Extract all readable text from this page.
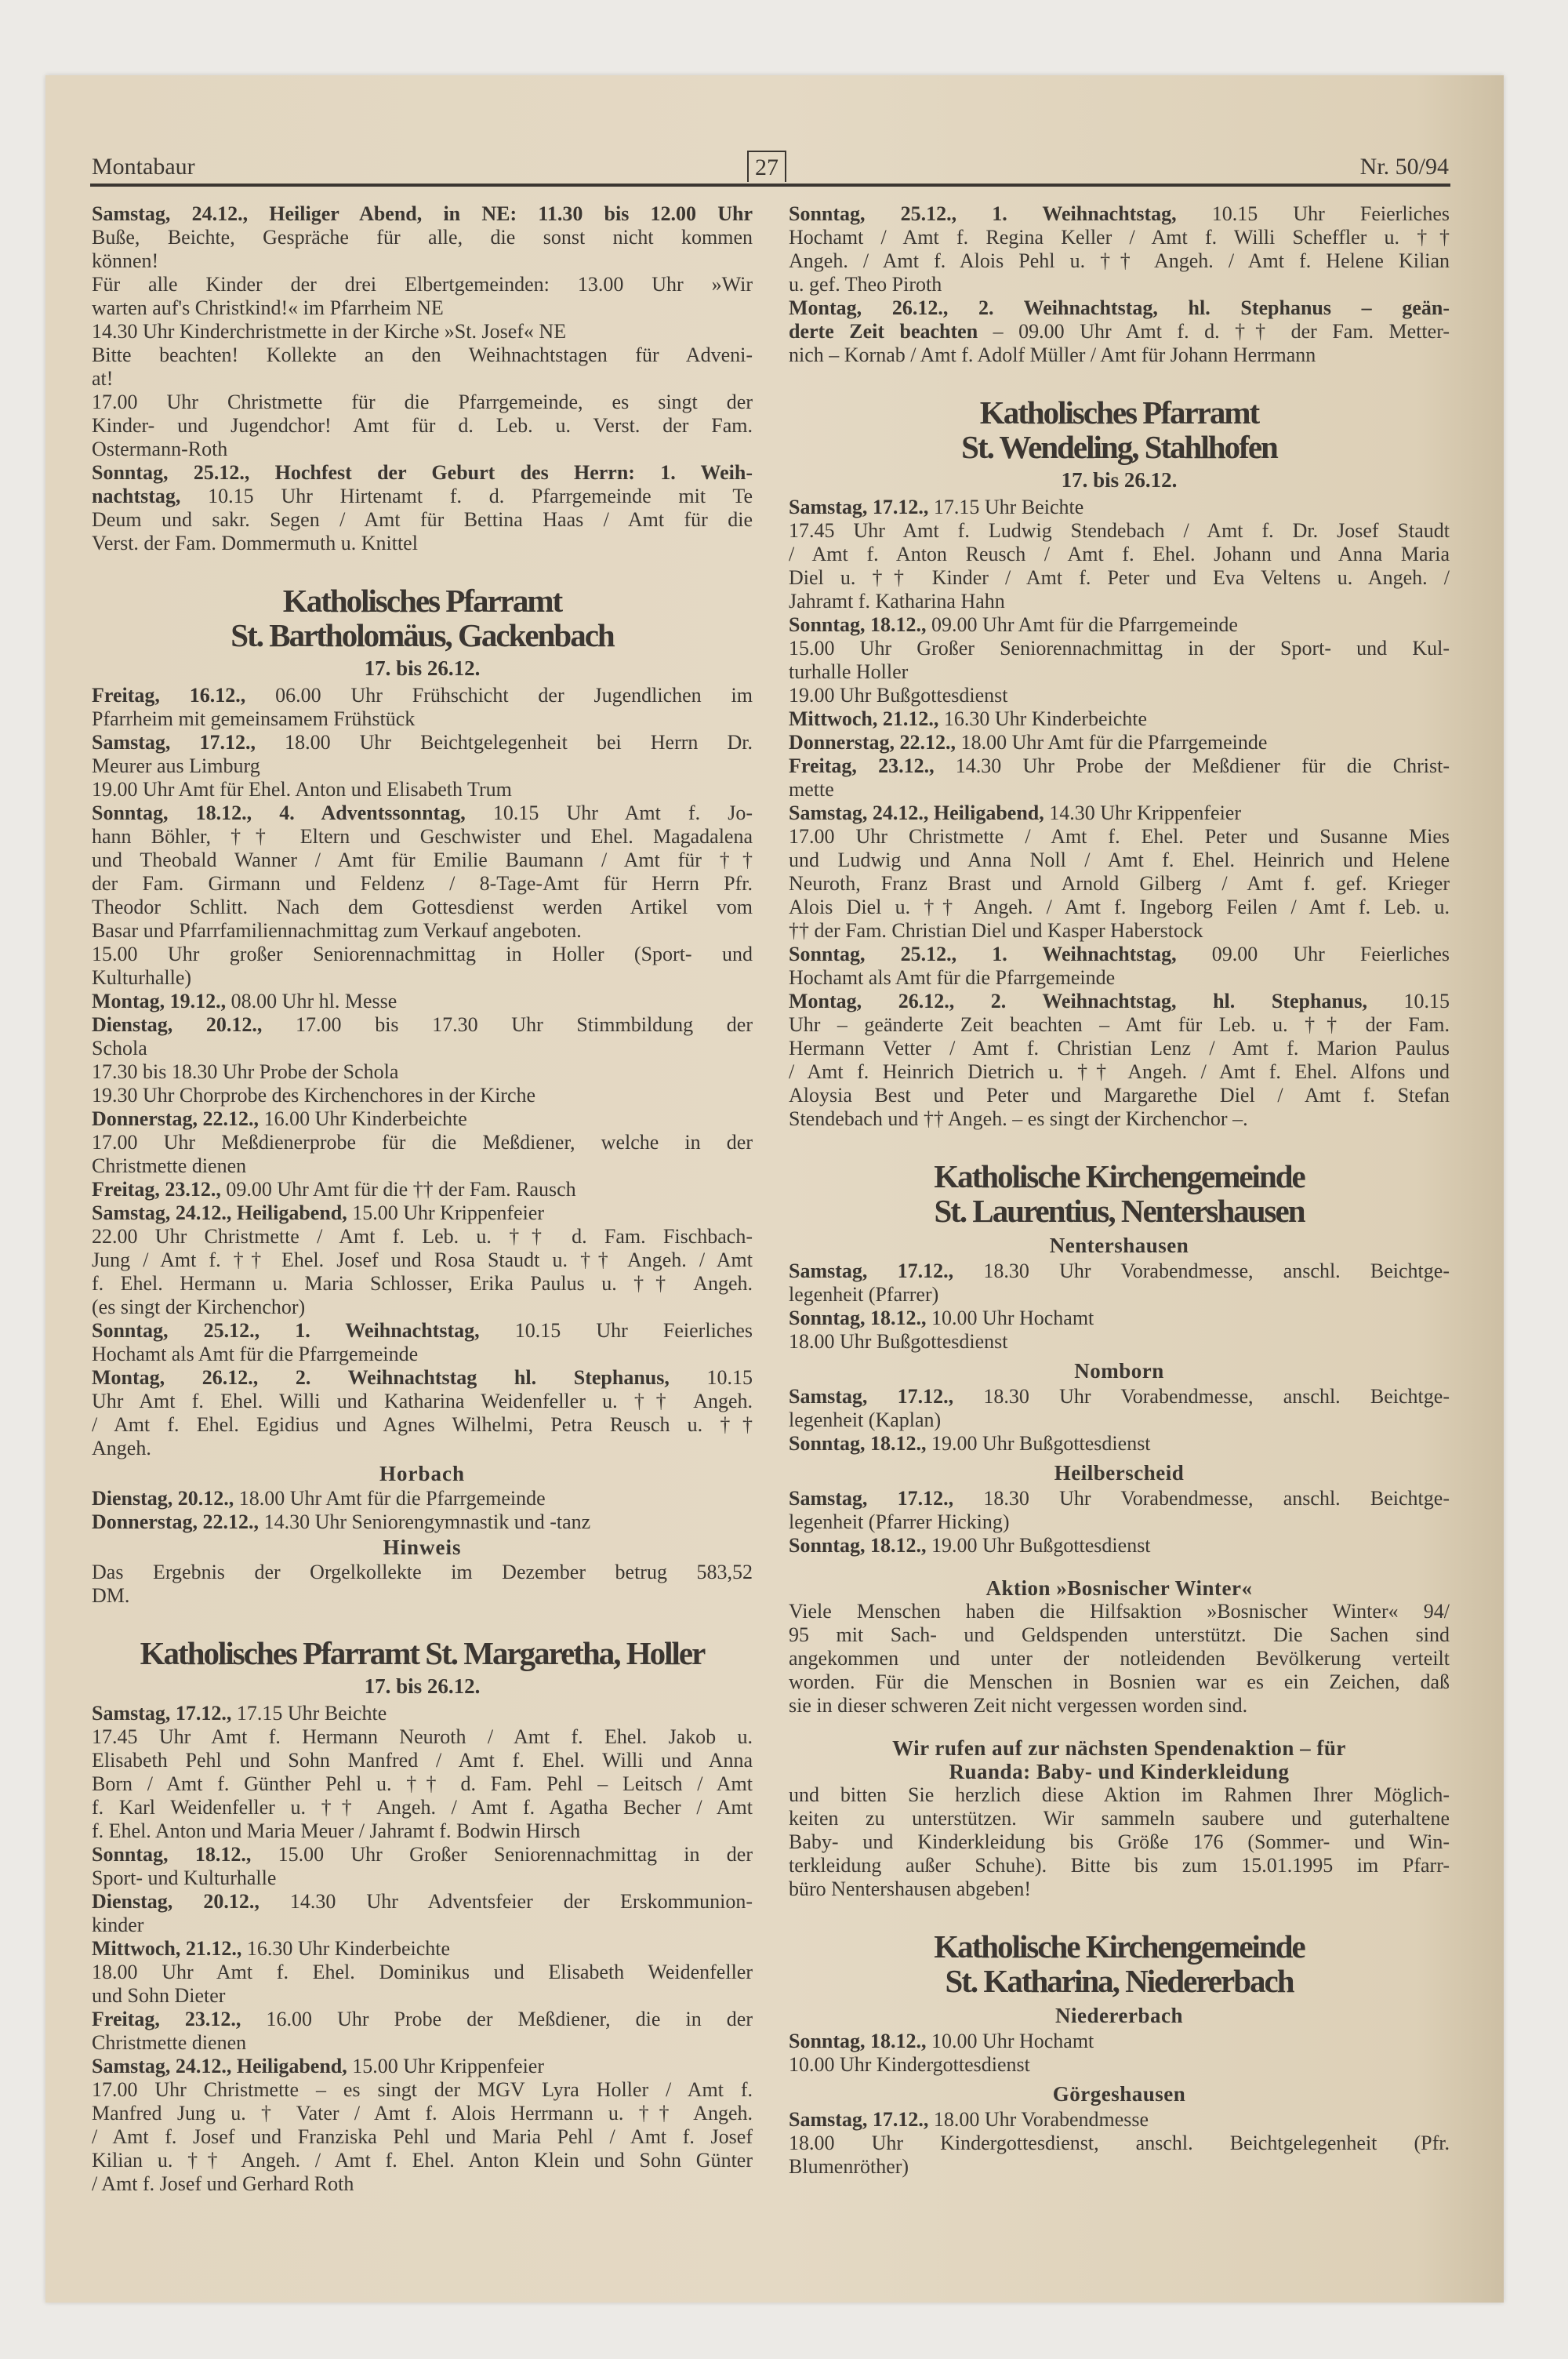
Montabaur	27	Nr. 50/94
Samstag, 24.12., Heiliger Abend, in NE: 11.30 bis 12.00 Uhr
Buße, Beichte, Gespräche für alle, die sonst nicht kommen
können!
Für alle Kinder der drei Elbertgemeinden: 13.00 Uhr »Wir
warten auf's Christkind!« im Pfarrheim NE
14.30 Uhr Kinderchristmette in der Kirche »St. Josef« NE
Bitte beachten! Kollekte an den Weihnachtstagen für Adveni-
at!
17.00 Uhr Christmette für die Pfarrgemeinde, es singt der
Kinder- und Jugendchor! Amt für d. Leb. u. Verst. der Fam.
Ostermann-Roth
Sonntag, 25.12., Hochfest der Geburt des Herrn: 1. Weih-
nachtstag, 10.15 Uhr Hirtenamt f. d. Pfarrgemeinde mit Te
Deum und sakr. Segen / Amt für Bettina Haas / Amt für die
Verst. der Fam. Dommermuth u. Knittel
Katholisches Pfarramt
St. Bartholomäus, Gackenbach
17. bis 26.12.
Freitag, 16.12., 06.00 Uhr Frühschicht der Jugendlichen im
Pfarrheim mit gemeinsamem Frühstück
Samstag, 17.12., 18.00 Uhr Beichtgelegenheit bei Herrn Dr.
Meurer aus Limburg
19.00 Uhr Amt für Ehel. Anton und Elisabeth Trum
Sonntag, 18.12., 4. Adventssonntag, 10.15 Uhr Amt f. Jo-
hann Böhler, †† Eltern und Geschwister und Ehel. Magadalena
und Theobald Wanner / Amt für Emilie Baumann / Amt für ††
der Fam. Girmann und Feldenz / 8-Tage-Amt für Herrn Pfr.
Theodor Schlitt. Nach dem Gottesdienst werden Artikel vom
Basar und Pfarrfamiliennachmittag zum Verkauf angeboten.
15.00 Uhr großer Seniorennachmittag in Holler (Sport- und
Kulturhalle)
Montag, 19.12., 08.00 Uhr hl. Messe
Dienstag, 20.12., 17.00 bis 17.30 Uhr Stimmbildung der
Schola
17.30 bis 18.30 Uhr Probe der Schola
19.30 Uhr Chorprobe des Kirchenchores in der Kirche
Donnerstag, 22.12., 16.00 Uhr Kinderbeichte
17.00 Uhr Meßdienerprobe für die Meßdiener, welche in der
Christmette dienen
Freitag, 23.12., 09.00 Uhr Amt für die †† der Fam. Rausch
Samstag, 24.12., Heiligabend, 15.00 Uhr Krippenfeier
22.00 Uhr Christmette / Amt f. Leb. u. †† d. Fam. Fischbach-
Jung / Amt f. †† Ehel. Josef und Rosa Staudt u. †† Angeh. / Amt
f. Ehel. Hermann u. Maria Schlosser, Erika Paulus u. †† Angeh.
(es singt der Kirchenchor)
Sonntag, 25.12., 1. Weihnachtstag, 10.15 Uhr Feierliches
Hochamt als Amt für die Pfarrgemeinde
Montag, 26.12., 2. Weihnachtstag hl. Stephanus, 10.15
Uhr Amt f. Ehel. Willi und Katharina Weidenfeller u. †† Angeh.
/ Amt f. Ehel. Egidius und Agnes Wilhelmi, Petra Reusch u. ††
Angeh.
Horbach
Dienstag, 20.12., 18.00 Uhr Amt für die Pfarrgemeinde
Donnerstag, 22.12., 14.30 Uhr Seniorengymnastik und -tanz
Hinweis
Das Ergebnis der Orgelkollekte im Dezember betrug 583,52
DM.
Katholisches Pfarramt St. Margaretha, Holler
17. bis 26.12.
Samstag, 17.12., 17.15 Uhr Beichte
17.45 Uhr Amt f. Hermann Neuroth / Amt f. Ehel. Jakob u.
Elisabeth Pehl und Sohn Manfred / Amt f. Ehel. Willi und Anna
Born / Amt f. Günther Pehl u. †† d. Fam. Pehl – Leitsch / Amt
f. Karl Weidenfeller u. †† Angeh. / Amt f. Agatha Becher / Amt
f. Ehel. Anton und Maria Meuer / Jahramt f. Bodwin Hirsch
Sonntag, 18.12., 15.00 Uhr Großer Seniorennachmittag in der
Sport- und Kulturhalle
Dienstag, 20.12., 14.30 Uhr Adventsfeier der Erskommunion-
kinder
Mittwoch, 21.12., 16.30 Uhr Kinderbeichte
18.00 Uhr Amt f. Ehel. Dominikus und Elisabeth Weidenfeller
und Sohn Dieter
Freitag, 23.12., 16.00 Uhr Probe der Meßdiener, die in der
Christmette dienen
Samstag, 24.12., Heiligabend, 15.00 Uhr Krippenfeier
17.00 Uhr Christmette – es singt der MGV Lyra Holler / Amt f.
Manfred Jung u. † Vater / Amt f. Alois Herrmann u. †† Angeh.
/ Amt f. Josef und Franziska Pehl und Maria Pehl / Amt f. Josef
Kilian u. †† Angeh. / Amt f. Ehel. Anton Klein und Sohn Günter
/ Amt f. Josef und Gerhard Roth
Sonntag, 25.12., 1. Weihnachtstag, 10.15 Uhr Feierliches
Hochamt / Amt f. Regina Keller / Amt f. Willi Scheffler u. ††
Angeh. / Amt f. Alois Pehl u. †† Angeh. / Amt f. Helene Kilian
u. gef. Theo Piroth
Montag, 26.12., 2. Weihnachtstag, hl. Stephanus – geän-
derte Zeit beachten – 09.00 Uhr Amt f. d. †† der Fam. Metter-
nich – Kornab / Amt f. Adolf Müller / Amt für Johann Herrmann
Katholisches Pfarramt
St. Wendeling, Stahlhofen
17. bis 26.12.
Samstag, 17.12., 17.15 Uhr Beichte
17.45 Uhr Amt f. Ludwig Stendebach / Amt f. Dr. Josef Staudt
/ Amt f. Anton Reusch / Amt f. Ehel. Johann und Anna Maria
Diel u. †† Kinder / Amt f. Peter und Eva Veltens u. Angeh. /
Jahramt f. Katharina Hahn
Sonntag, 18.12., 09.00 Uhr Amt für die Pfarrgemeinde
15.00 Uhr Großer Seniorennachmittag in der Sport- und Kul-
turhalle Holler
19.00 Uhr Bußgottesdienst
Mittwoch, 21.12., 16.30 Uhr Kinderbeichte
Donnerstag, 22.12., 18.00 Uhr Amt für die Pfarrgemeinde
Freitag, 23.12., 14.30 Uhr Probe der Meßdiener für die Christ-
mette
Samstag, 24.12., Heiligabend, 14.30 Uhr Krippenfeier
17.00 Uhr Christmette / Amt f. Ehel. Peter und Susanne Mies
und Ludwig und Anna Noll / Amt f. Ehel. Heinrich und Helene
Neuroth, Franz Brast und Arnold Gilberg / Amt f. gef. Krieger
Alois Diel u. †† Angeh. / Amt f. Ingeborg Feilen / Amt f. Leb. u.
†† der Fam. Christian Diel und Kasper Haberstock
Sonntag, 25.12., 1. Weihnachtstag, 09.00 Uhr Feierliches
Hochamt als Amt für die Pfarrgemeinde
Montag, 26.12., 2. Weihnachtstag, hl. Stephanus, 10.15
Uhr – geänderte Zeit beachten – Amt für Leb. u. †† der Fam.
Hermann Vetter / Amt f. Christian Lenz / Amt f. Marion Paulus
/ Amt f. Heinrich Dietrich u. †† Angeh. / Amt f. Ehel. Alfons und
Aloysia Best und Peter und Margarethe Diel / Amt f. Stefan
Stendebach und †† Angeh. – es singt der Kirchenchor –.
Katholische Kirchengemeinde
St. Laurentius, Nentershausen
Nentershausen
Samstag, 17.12., 18.30 Uhr Vorabendmesse, anschl. Beichtge-
legenheit (Pfarrer)
Sonntag, 18.12., 10.00 Uhr Hochamt
18.00 Uhr Bußgottesdienst
Nomborn
Samstag, 17.12., 18.30 Uhr Vorabendmesse, anschl. Beichtge-
legenheit (Kaplan)
Sonntag, 18.12., 19.00 Uhr Bußgottesdienst
Heilberscheid
Samstag, 17.12., 18.30 Uhr Vorabendmesse, anschl. Beichtge-
legenheit (Pfarrer Hicking)
Sonntag, 18.12., 19.00 Uhr Bußgottesdienst
Aktion »Bosnischer Winter«
Viele Menschen haben die Hilfsaktion »Bosnischer Winter« 94/
95 mit Sach- und Geldspenden unterstützt. Die Sachen sind
angekommen und unter der notleidenden Bevölkerung verteilt
worden. Für die Menschen in Bosnien war es ein Zeichen, daß
sie in dieser schweren Zeit nicht vergessen worden sind.
Wir rufen auf zur nächsten Spendenaktion – für
Ruanda: Baby- und Kinderkleidung
und bitten Sie herzlich diese Aktion im Rahmen Ihrer Möglich-
keiten zu unterstützen. Wir sammeln saubere und guterhaltene
Baby- und Kinderkleidung bis Größe 176 (Sommer- und Win-
terkleidung außer Schuhe). Bitte bis zum 15.01.1995 im Pfarr-
büro Nentershausen abgeben!
Katholische Kirchengemeinde
St. Katharina, Niedererbach
Niedererbach
Sonntag, 18.12., 10.00 Uhr Hochamt
10.00 Uhr Kindergottesdienst
Görgeshausen
Samstag, 17.12., 18.00 Uhr Vorabendmesse
18.00 Uhr Kindergottesdienst, anschl. Beichtgelegenheit (Pfr.
Blumenröther)
